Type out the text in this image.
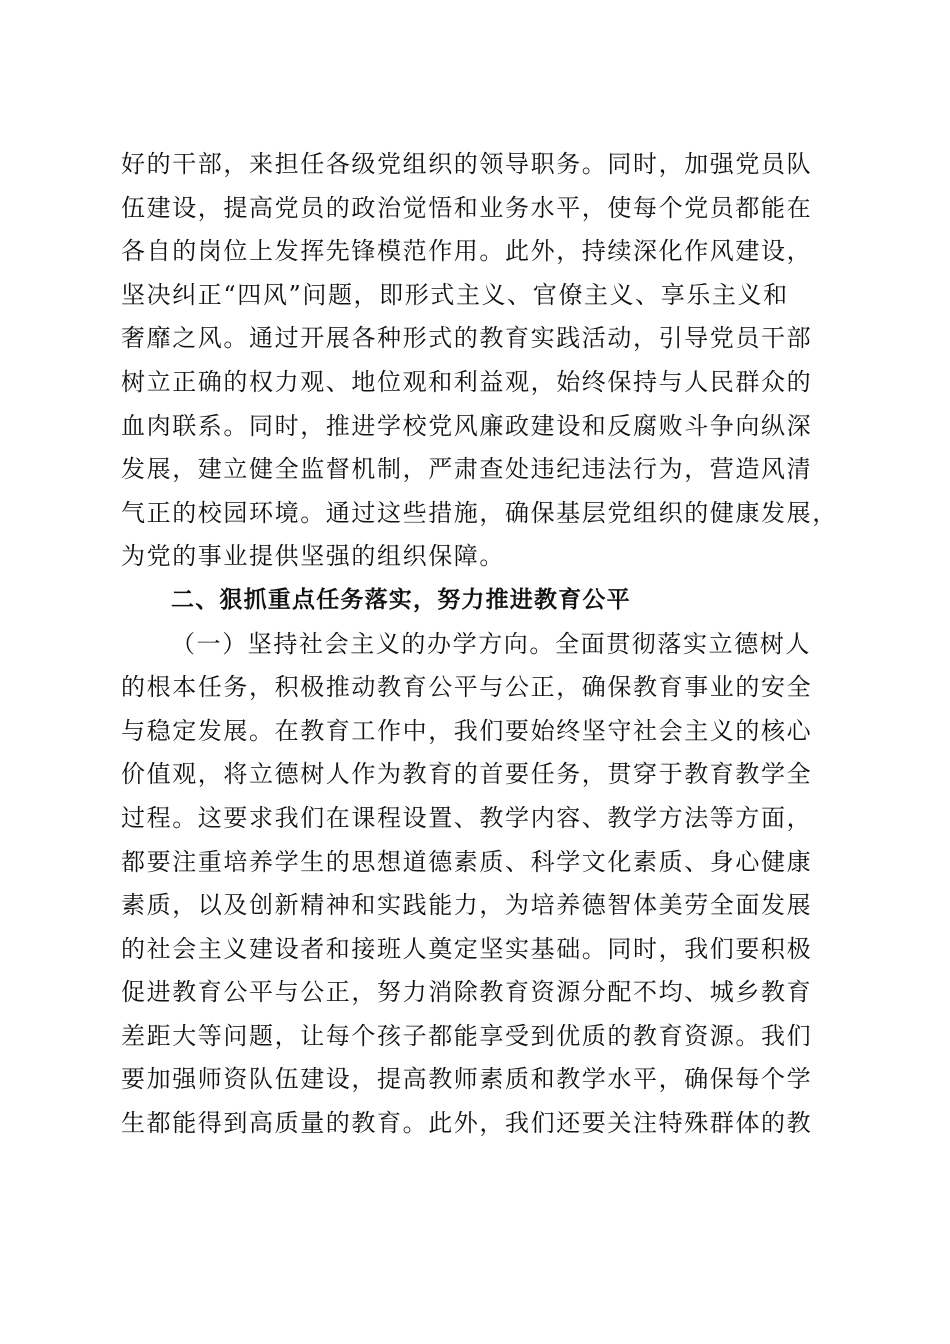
好的干部，来担任各级党组织的领导职务。同时，加强党员队
伍建设，提高党员的政治觉悟和业务水平，使每个党员都能在
各自的岗位上发挥先锋模范作用。此外，持续深化作风建设，
坚决纠正“四风”问题，即形式主义、官僚主义、享乐主义和
奢靡之风。通过开展各种形式的教育实践活动，引导党员干部
树立正确的权力观、地位观和利益观，始终保持与人民群众的
血肉联系。同时，推进学校党风廉政建设和反腐败斗争向纵深
发展，建立健全监督机制，严肃查处违纪违法行为，营造风清
气正的校园环境。通过这些措施，确保基层党组织的健康发展，
为党的事业提供坚强的组织保障。
二、狠抓重点任务落实，努力推进教育公平
（一）坚持社会主义的办学方向。全面贯彻落实立德树人
的根本任务，积极推动教育公平与公正，确保教育事业的安全
与稳定发展。在教育工作中，我们要始终坚守社会主义的核心
价值观，将立德树人作为教育的首要任务，贯穿于教育教学全
过程。这要求我们在课程设置、教学内容、教学方法等方面，
都要注重培养学生的思想道德素质、科学文化素质、身心健康
素质，以及创新精神和实践能力，为培养德智体美劳全面发展
的社会主义建设者和接班人奠定坚实基础。同时，我们要积极
促进教育公平与公正，努力消除教育资源分配不均、城乡教育
差距大等问题，让每个孩子都能享受到优质的教育资源。我们
要加强师资队伍建设，提高教师素质和教学水平，确保每个学
生都能得到高质量的教育。此外，我们还要关注特殊群体的教
